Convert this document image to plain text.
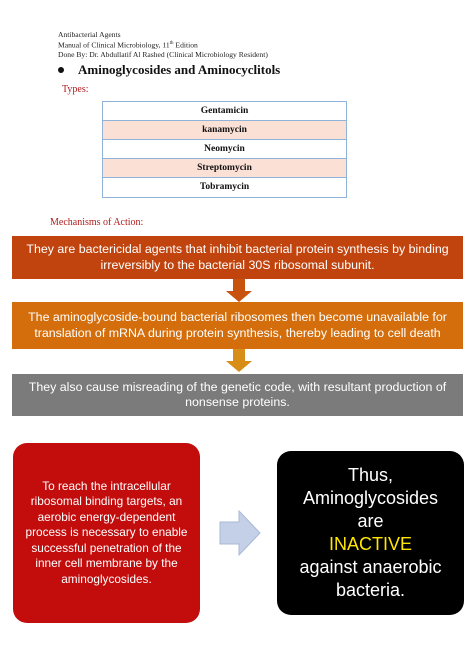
Antibacterial Agents
Manual of Clinical Microbiology, 11th Edition
Done By: Dr. Abdullatif Al Rashed (Clinical Microbiology Resident)
Aminoglycosides and Aminocyclitols
Types:
Gentamicin
kanamycin
Neomycin
Streptomycin
Tobramycin
Mechanisms of Action:
They are bactericidal agents that inhibit bacterial protein synthesis by binding irreversibly to the bacterial 30S ribosomal subunit.
The aminoglycoside-bound bacterial ribosomes then become unavailable for translation of mRNA during protein synthesis, thereby leading to cell death
They also cause misreading of the genetic code, with resultant production of nonsense proteins.
To reach the intracellular ribosomal binding targets, an aerobic energy-dependent process is necessary to enable successful penetration of the inner cell membrane by the aminoglycosides.
Thus,
Aminoglycosides
are
INACTIVE
against anaerobic
bacteria.
